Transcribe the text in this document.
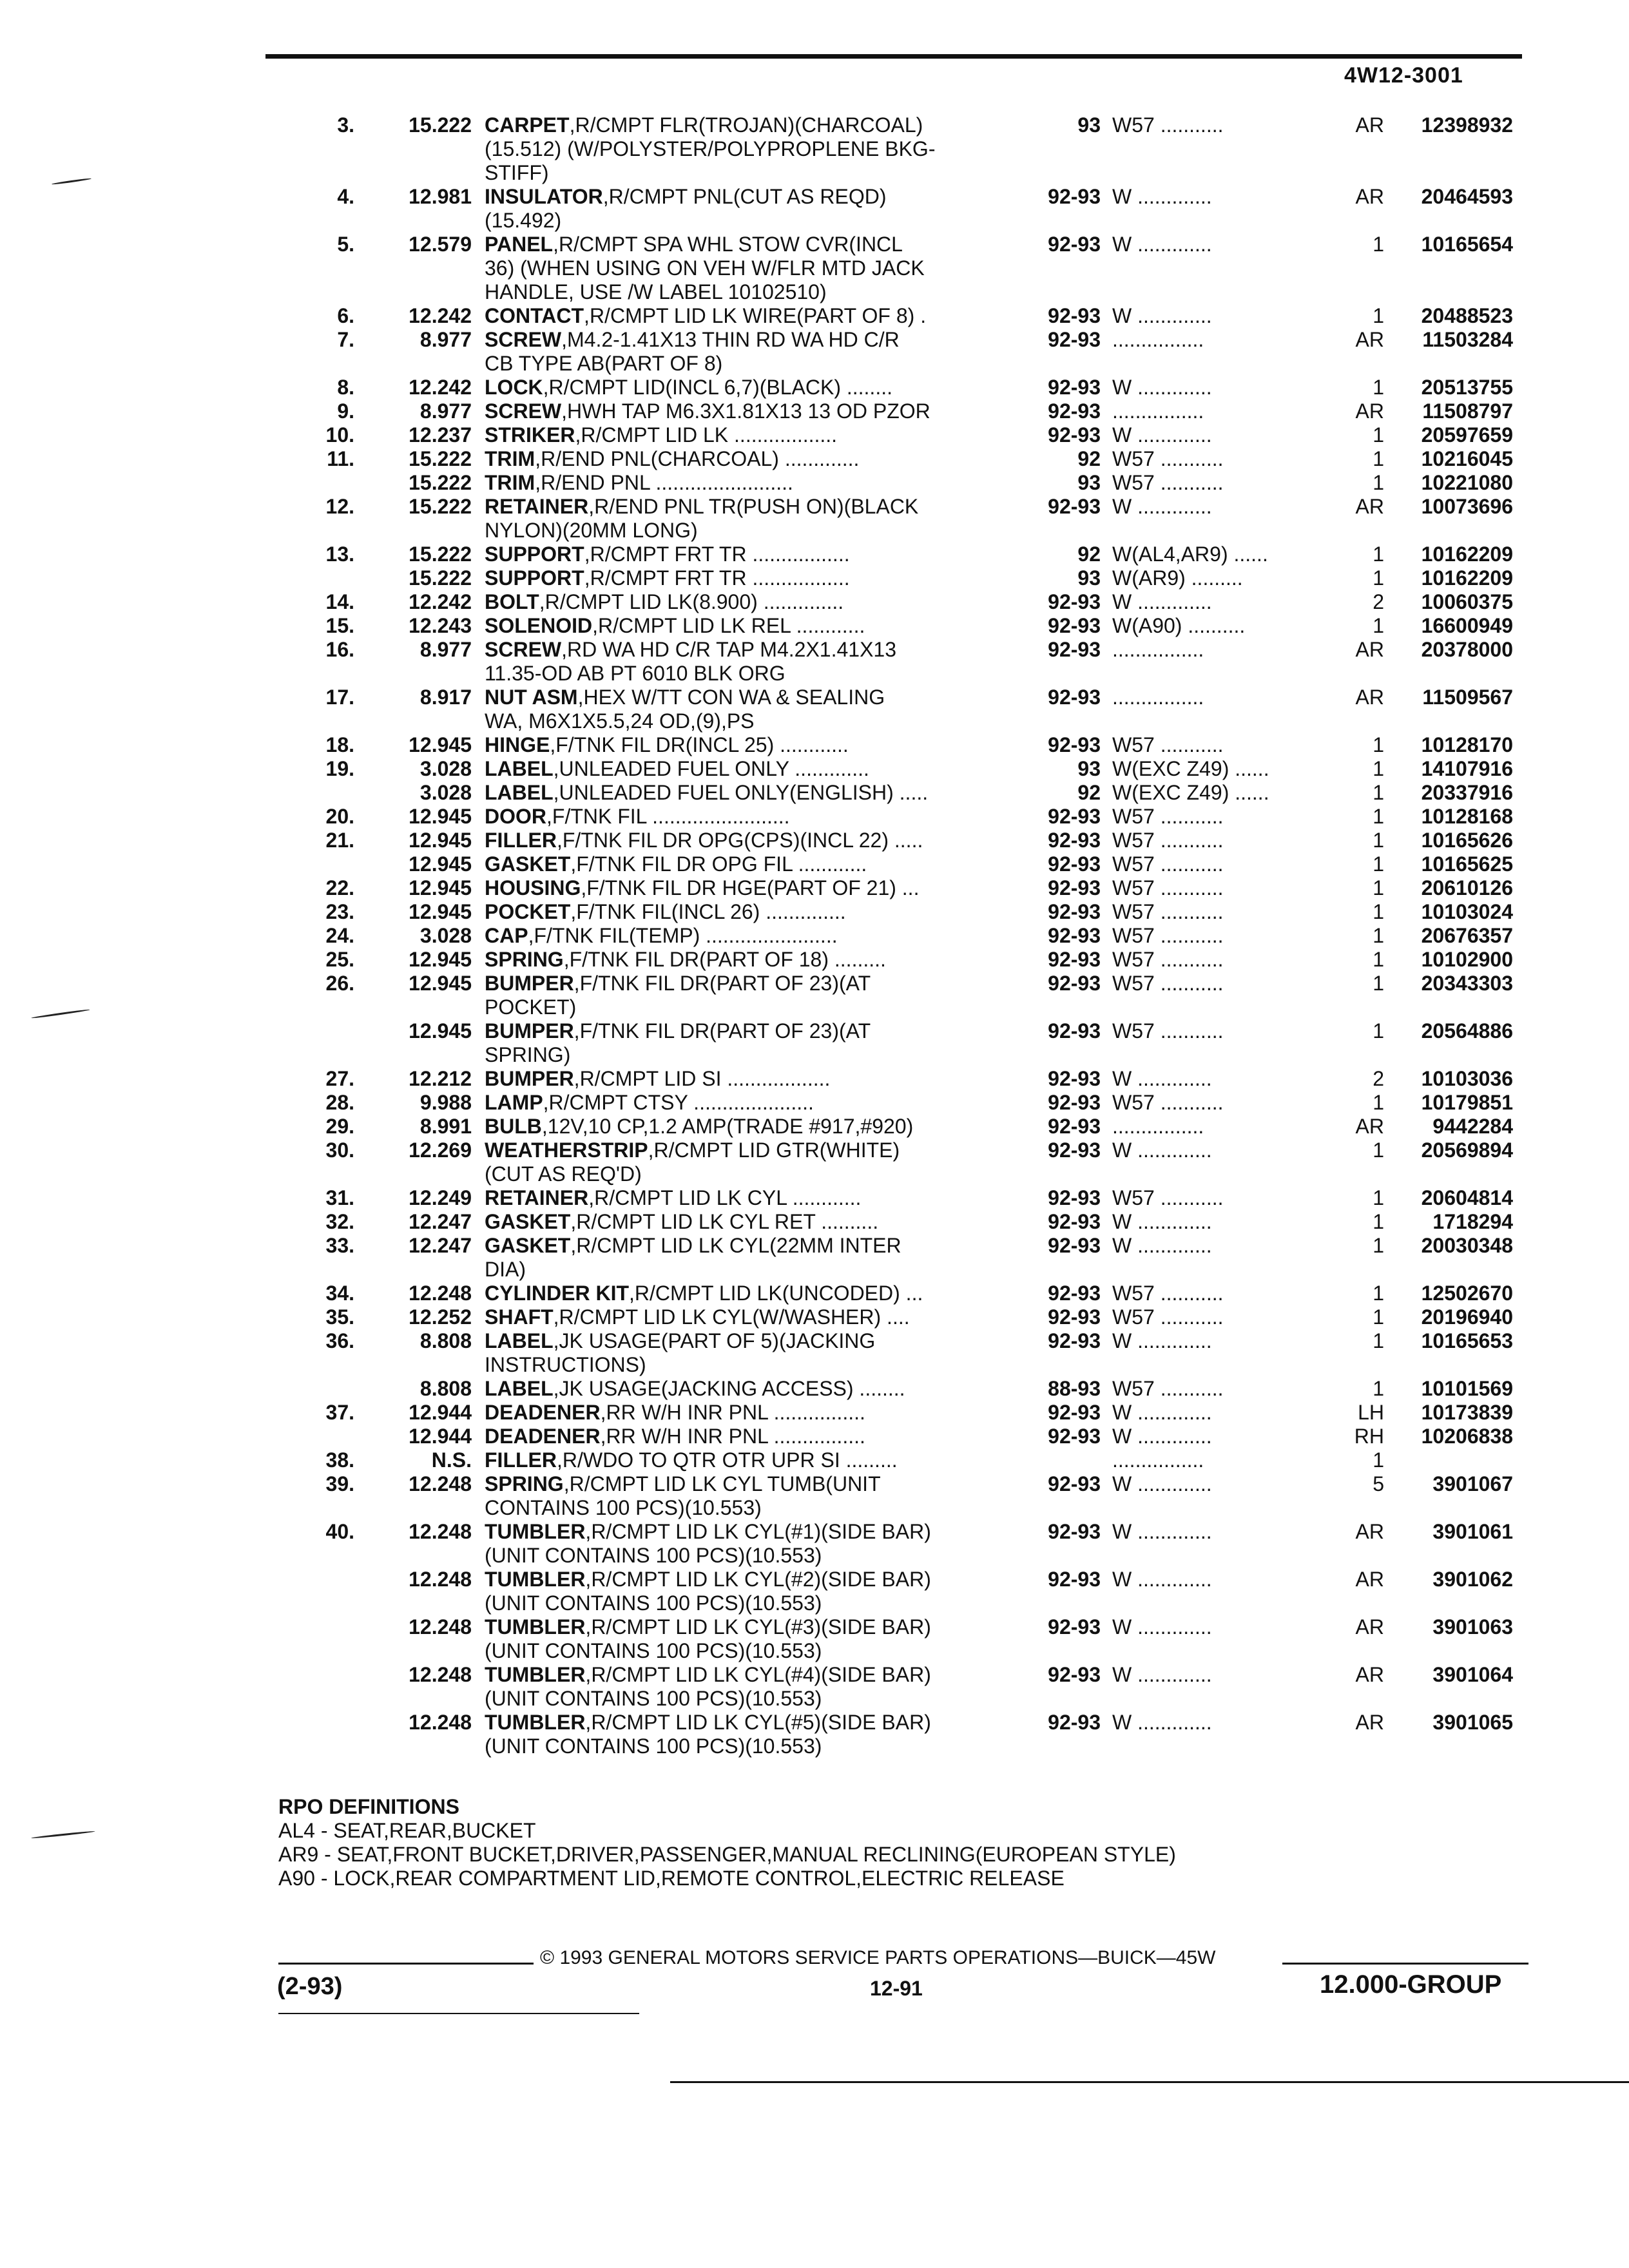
4W12-3001
3.	15.222 CARPET,R/CMPT FLR(TROJAN)(CHARCOAL)
(15.512) (W/POLYSTER/POLYPROPLENE BKG-
STIFF)
93 W57 ...........	AR	12398932
4.	12.981 INSULATOR,R/CMPT PNL(CUT AS REQD)
(15.492)
92-93 W .............	AR	20464593
5.	12.579 PANEL,R/CMPT SPA WHL STOW CVR(INCL
36) (WHEN USING ON VEH W/FLR MTD JACK
HANDLE, USE /W LABEL 10102510)
92-93 W .............	1	10165654
6.	12.242 CONTACT,R/CMPT LID LK WIRE(PART OF 8) .	92-93 W .............	1	20488523
7.	8.977 SCREW,M4.2-1.41X13 THIN RD WA HD C/R
CB TYPE AB(PART OF 8)
92-93 ................	AR	11503284
8.	12.242 LOCK,R/CMPT LID(INCL 6,7)(BLACK) ........	92-93 W .............	1	20513755
9.	8.977 SCREW,HWH TAP M6.3X1.81X13 13 OD PZOR	92-93 ................	AR	11508797
10.	12.237 STRIKER,R/CMPT LID LK ..................	92-93 W .............	1	20597659
11.	15.222 TRIM,R/END PNL(CHARCOAL) .............	92 W57 ...........	1	10216045
15.222 TRIM,R/END PNL ........................	93 W57 ...........	1	10221080
12.	15.222 RETAINER,R/END PNL TR(PUSH ON)(BLACK
NYLON)(20MM LONG)
92-93 W .............	AR	10073696
13.	15.222 SUPPORT,R/CMPT FRT TR .................	92 W(AL4,AR9) ......	1	10162209
15.222 SUPPORT,R/CMPT FRT TR .................	93 W(AR9) .........	1	10162209
14.	12.242 BOLT,R/CMPT LID LK(8.900) ..............	92-93 W .............	2	10060375
15.	12.243 SOLENOID,R/CMPT LID LK REL ............	92-93 W(A90) ..........	1	16600949
16.	8.977 SCREW,RD WA HD C/R TAP M4.2X1.41X13
11.35-OD AB PT 6010 BLK ORG
92-93 ................	AR	20378000
17.	8.917 NUT ASM,HEX W/TT CON WA & SEALING
WA, M6X1X5.5,24 OD,(9),PS
92-93 ................	AR	11509567
18.	12.945 HINGE,F/TNK FIL DR(INCL 25) ............	92-93 W57 ...........	1	10128170
19.	3.028 LABEL,UNLEADED FUEL ONLY .............	93 W(EXC Z49) ......	1	14107916
3.028 LABEL,UNLEADED FUEL ONLY(ENGLISH) .....	92 W(EXC Z49) ......	1	20337916
20.	12.945 DOOR,F/TNK FIL ........................	92-93 W57 ...........	1	10128168
21.	12.945 FILLER,F/TNK FIL DR OPG(CPS)(INCL 22) .....	92-93 W57 ...........	1	10165626
12.945 GASKET,F/TNK FIL DR OPG FIL ............	92-93 W57 ...........	1	10165625
22.	12.945 HOUSING,F/TNK FIL DR HGE(PART OF 21) ...	92-93 W57 ...........	1	20610126
23.	12.945 POCKET,F/TNK FIL(INCL 26) ..............	92-93 W57 ...........	1	10103024
24.	3.028 CAP,F/TNK FIL(TEMP) .......................	92-93 W57 ...........	1	20676357
25.	12.945 SPRING,F/TNK FIL DR(PART OF 18) .........	92-93 W57 ...........	1	10102900
26.	12.945 BUMPER,F/TNK FIL DR(PART OF 23)(AT
POCKET)
92-93 W57 ...........	1	20343303
12.945 BUMPER,F/TNK FIL DR(PART OF 23)(AT
SPRING)
92-93 W57 ...........	1	20564886
27.	12.212 BUMPER,R/CMPT LID SI ..................	92-93 W .............	2	10103036
28.	9.988 LAMP,R/CMPT CTSY .....................	92-93 W57 ...........	1	10179851
29.	8.991 BULB,12V,10 CP,1.2 AMP(TRADE #917,#920)	92-93 ................	AR	9442284
30.	12.269 WEATHERSTRIP,R/CMPT LID GTR(WHITE)
(CUT AS REQ'D)
92-93 W .............	1	20569894
31.	12.249 RETAINER,R/CMPT LID LK CYL ............	92-93 W57 ...........	1	20604814
32.	12.247 GASKET,R/CMPT LID LK CYL RET ..........	92-93 W .............	1	1718294
33.	12.247 GASKET,R/CMPT LID LK CYL(22MM INTER
DIA)
92-93 W .............	1	20030348
34.	12.248 CYLINDER KIT,R/CMPT LID LK(UNCODED) ...	92-93 W57 ...........	1	12502670
35.	12.252 SHAFT,R/CMPT LID LK CYL(W/WASHER) ....	92-93 W57 ...........	1	20196940
36.	8.808 LABEL,JK USAGE(PART OF 5)(JACKING
INSTRUCTIONS)
92-93 W .............	1	10165653
8.808 LABEL,JK USAGE(JACKING ACCESS) ........	88-93 W57 ...........	1	10101569
37.	12.944 DEADENER,RR W/H INR PNL ................	92-93 W .............	LH	10173839
12.944 DEADENER,RR W/H INR PNL ................	92-93 W .............	RH	10206838
38.	N.S. FILLER,R/WDO TO QTR OTR UPR SI .........	................	1
39.	12.248 SPRING,R/CMPT LID LK CYL TUMB(UNIT
CONTAINS 100 PCS)(10.553)
92-93 W .............	5	3901067
40.	12.248 TUMBLER,R/CMPT LID LK CYL(#1)(SIDE BAR)
(UNIT CONTAINS 100 PCS)(10.553)
92-93 W .............	AR	3901061
12.248 TUMBLER,R/CMPT LID LK CYL(#2)(SIDE BAR)
(UNIT CONTAINS 100 PCS)(10.553)
92-93 W .............	AR	3901062
12.248 TUMBLER,R/CMPT LID LK CYL(#3)(SIDE BAR)
(UNIT CONTAINS 100 PCS)(10.553)
92-93 W .............	AR	3901063
12.248 TUMBLER,R/CMPT LID LK CYL(#4)(SIDE BAR)
(UNIT CONTAINS 100 PCS)(10.553)
92-93 W .............	AR	3901064
12.248 TUMBLER,R/CMPT LID LK CYL(#5)(SIDE BAR)
(UNIT CONTAINS 100 PCS)(10.553)
92-93 W .............	AR	3901065
RPO DEFINITIONS
AL4 - SEAT,REAR,BUCKET
AR9 - SEAT,FRONT BUCKET,DRIVER,PASSENGER,MANUAL RECLINING(EUROPEAN STYLE)
A90 - LOCK,REAR COMPARTMENT LID,REMOTE CONTROL,ELECTRIC RELEASE
© 1993 GENERAL MOTORS SERVICE PARTS OPERATIONS—BUICK—45W
(2-93)	12-91	12.000-GROUP
